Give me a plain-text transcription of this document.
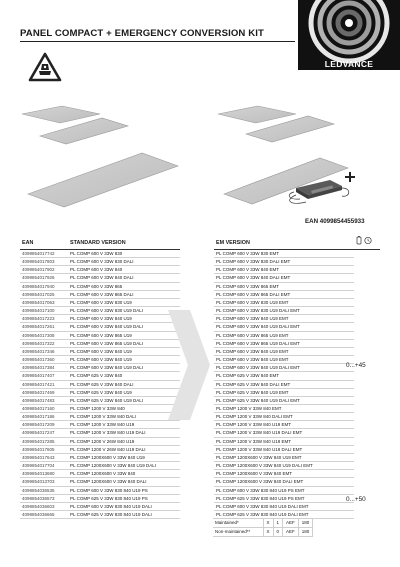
PANEL COMPACT + EMERGENCY CONVERSION KIT
LEDVANCE
EAN 4099854455933
EAN	STANDARD VERSION		EM VERSION	
4099854017742	PL COMP 600 V 33W 830		PL COMP 600 V 33W 830 EMT	
4099854017803	PL COMP 600 V 33W 830 DALI		PL COMP 600 V 33W 830 DALI EMT	
4099854017902	PL COMP 600 V 33W 840		PL COMP 600 V 33W 840 EMT	
4099854017926	PL COMP 600 V 33W 840 DALI		PL COMP 600 V 33W 840 DALI EMT	
4099854017940	PL COMP 600 V 33W 865		PL COMP 600 V 33W 865 EMT	
4099854017025	PL COMP 600 V 33W 865 DALI		PL COMP 600 V 33W 865 DALI EMT	
4099854017063	PL COMP 600 V 33W 830 U19		PL COMP 600 V 33W 830 U19 EMT	
4099854017100	PL COMP 600 V 33W 830 U19 DALI		PL COMP 600 V 33W 830 U19 DALI EMT	
4099854017223	PL COMP 600 V 33W 840 U19		PL COMP 600 V 33W 840 U19 EMT	
4099854017261	PL COMP 600 V 33W 840 U19 DALI		PL COMP 600 V 33W 840 U19 DALI EMT	
4099854017308	PL COMP 600 V 33W 865 U19		PL COMP 600 V 33W 865 U19 EMT	
4099854017322	PL COMP 600 V 33W 865 U19 DALI		PL COMP 600 V 33W 865 U19 DALI EMT	
4099854017346	PL COMP 600 V 33W 840 U19		PL COMP 600 V 33W 840 U19 EMT	
4099854017360	PL COMP 600 V 33W 840 U19		PL COMP 600 V 33W 840 U19 EMT	
4099854017384	PL COMP 600 V 33W 840 U19 DALI		PL COMP 600 V 33W 840 U19 DALI EMT	
4099854017407	PL COMP 625 V 33W 840		PL COMP 625 V 33W 840 EMT	
4099854017421	PL COMP 625 V 33W 840 DALI		PL COMP 625 V 33W 840 DALI EMT	
4099854017469	PL COMP 625 V 33W 840 U19		PL COMP 625 V 33W 840 U19 EMT	
4099854017483	PL COMP 625 V 33W 840 U19 DALI		PL COMP 625 V 33W 840 U19 DALI EMT	
4099854017160	PL COMP 1200 V 33W 840		PL COMP 1200 V 33W 840 EMT	
4099854017186	PL COMP 1200 V 33W 840 DALI		PL COMP 1200 V 33W 840 DALI EMT	
4099854017209	PL COMP 1200 V 33W 840 U19		PL COMP 1200 V 33W 840 U19 EMT	
4099854017247	PL COMP 1200 V 33W 840 U19 DALI		PL COMP 1200 V 33W 840 U19 DALI EMT	
4099854017285	PL COMP 1200 V 26W 840 U19		PL COMP 1200 V 33W 840 U19 EMT	
4099854017605	PL COMP 1200 V 26W 840 U19 DALI		PL COMP 1200 V 33W 840 U19 DALI EMT	
4099854017643	PL COMP 1200X600 V 33W 840 U19		PL COMP 1200X600 V 33W 840 U19 EMT	
4099854017704	PL COMP 1200X600 V 33W 840 U19 DALI		PL COMP 1200X600 V 33W 840 U19 DALI EMT	
4099854013680	PL COMP 1200X600 V 33W 840		PL COMP 1200X600 V 33W 840 EMT	
4099854013703	PL COMP 1200X600 V 33W 840 DALI		PL COMP 1200X600 V 33W 840 DALI EMT	
4099854036535	PL COMP 600 V 33W 830 840 U19 PS		PL COMP 600 V 33W 830 840 U19 PS EMT	
4099854036573	PL COMP 625 V 33W 830 840 U19 PS		PL COMP 625 V 33W 830 840 U19 PS EMT	
4099854036603	PL COMP 600 V 33W 830 840 U19 DALI		PL COMP 600 V 33W 830 840 U19 DALI EMT	
4099854036665	PL COMP 625 V 33W 830 840 U19 DALI		PL COMP 625 V 33W 830 840 U19 DALI EMT	
0...+45
0...+50
Maintained*	X	1	AEF	180
Non-maintained**	X	0	AEF	180
